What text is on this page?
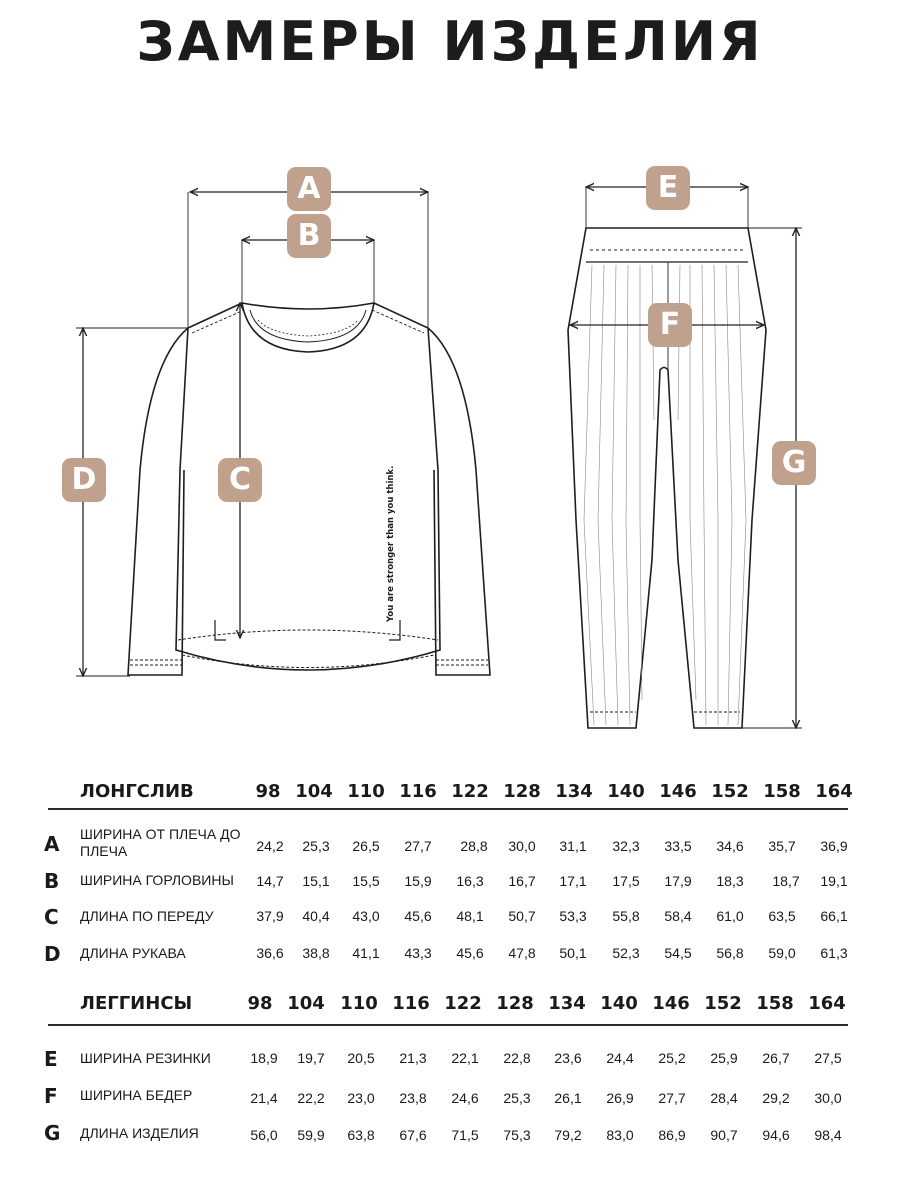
ЗАМЕРЫ ИЗДЕЛИЯ
You are stronger than you think.
A
B
C
D
E
F
G
ЛОНГСЛИВ	98 104 110 116 122 128 134 140 146 152 158 164
A	ШИРИНА ОТ ПЛЕЧА ДО ПЛЕЧА	24,2	25,3	26,5	27,7	28,8	30,0	31,1	32,3	33,5	34,6	35,7	36,9
B	ШИРИНА ГОРЛОВИНЫ	14,7	15,1	15,5	15,9	16,3	16,7	17,1	17,5	17,9	18,3	18,7	19,1
C	ДЛИНА ПО ПЕРЕДУ	37,9	40,4	43,0	45,6	48,1	50,7	53,3	55,8	58,4	61,0	63,5	66,1
D	ДЛИНА РУКАВА	36,6	38,8	41,1	43,3	45,6	47,8	50,1	52,3	54,5	56,8	59,0	61,3
ЛЕГГИНСЫ	98 104 110 116 122 128 134 140 146 152 158 164
E	ШИРИНА РЕЗИНКИ	18,9	19,7	20,5	21,3	22,1	22,8	23,6	24,4	25,2	25,9	26,7	27,5
F	ШИРИНА БЕДЕР	21,4	22,2	23,0	23,8	24,6	25,3	26,1	26,9	27,7	28,4	29,2	30,0
G	ДЛИНА ИЗДЕЛИЯ	56,0	59,9	63,8	67,6	71,5	75,3	79,2	83,0	86,9	90,7	94,6	98,4
